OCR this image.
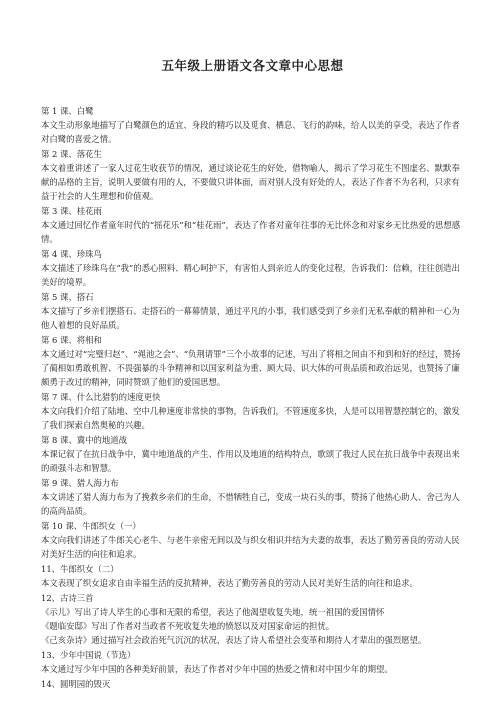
五年级上册语文各文章中心思想

第 1 课、白鹭

本文生动形象地描写了白鹭颜色的适宜、身段的精巧以及觅食、栖息、飞行的韵味，给人以美的享受，表达了作者对白鹭的喜爱之情。

第 2 课、落花生

本文着重讲述了一家人过花生收获节的情况，通过谈论花生的好处，借物喻人，揭示了学习花生不图虚名、默默奉献的品格的主旨，说明人要做有用的人，不要做只讲体面，而对别人没有好处的人，表达了作者不为名利，只求有益于社会的人生理想和价值观。

第 3 课、桂花雨

本文通过回忆作者童年时代的“摇花乐”和“桂花雨”，表达了作者对童年往事的无比怀念和对家乡无比热爱的思想感情。

第 4 课、珍珠鸟

本文描述了珍珠鸟在“我”的悉心照料、精心呵护下，有害怕人到亲近人的变化过程，告诉我们：信赖，往往创造出美好的境界。

第 5 课、搭石

本文描写了乡亲们摆搭石、走搭石的一幕幕情景，通过平凡的小事，我们感受到了乡亲们无私奉献的精神和一心为他人着想的良好品质。

第 6 课、将相和

本文通过对“完璧归赵”、“渑池之会”、“负荆请罪”三个小故事的记述，写出了将相之间由不和到和好的经过，赞扬了蔺相如勇敢机智、不畏强暴的斗争精神和以国家利益为重、顾大局、识大体的可贵品质和政治远见，也赞扬了廉颇勇于改过的精神，同时赞颂了他们的爱国思想。

第 7 课、什么比猎豹的速度更快

本文向我们介绍了陆地、空中几种速度非常快的事物，告诉我们，不管速度多快，人是可以用智慧控制它的，激发了我们探索自然奥秘的兴趣。

第 8 课、冀中的地道战

本课记叙了在抗日战争中，冀中地道战的产生、作用以及地道的结构特点，歌颂了我过人民在抗日战争中表现出来的顽强斗志和智慧。

第 9 课、猎人海力布

本文讲述了猎人海力布为了挽救乡亲们的生命，不惜牺牲自己，变成一块石头的事，赞扬了他热心助人、舍己为人的高尚品质。

第 10 课、牛郎织女（一）

本文向我们讲述了牛郎关心老牛、与老牛亲密无间以及与织女相识并结为夫妻的故事，表达了勤劳善良的劳动人民对美好生活的向往和追求。

11、牛郎织女（二）

本文表现了织女追求自由幸福生活的反抗精神，表达了勤劳善良的劳动人民对美好生活的向往和追求。

12、古诗三首

《示儿》写出了诗人毕生的心事和无限的希望，表达了他渴望收复失地，统一祖国的爱国情怀

《题临安邸》写出了作者对当政者不死收复失地的愤怒以及对国家命运的担忧。

《己亥杂诗》通过描写社会政治死气沉沉的状况，表达了诗人希望社会变革和期待人才辈出的强烈愿望。

13、少年中国说（节选）

本文通过写少年中国的各种美好前景，表达了作者对少年中国的热爱之情和对中国少年的期望。

14、圆明园的毁灭
